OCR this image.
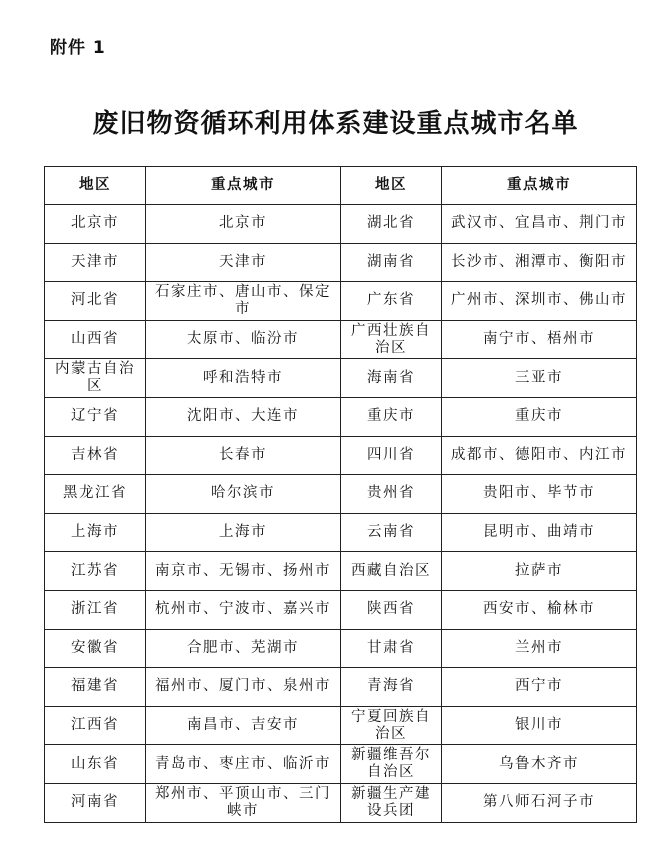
附件 1
废旧物资循环利用体系建设重点城市名单
地区	重点城市	地区	重点城市
北京市	北京市	湖北省	武汉市、宜昌市、荆门市
天津市	天津市	湖南省	长沙市、湘潭市、衡阳市
河北省	石家庄市、唐山市、保定市	广东省	广州市、深圳市、佛山市
山西省	太原市、临汾市	广西壮族自治区	南宁市、梧州市
内蒙古自治区	呼和浩特市	海南省	三亚市
辽宁省	沈阳市、大连市	重庆市	重庆市
吉林省	长春市	四川省	成都市、德阳市、内江市
黑龙江省	哈尔滨市	贵州省	贵阳市、毕节市
上海市	上海市	云南省	昆明市、曲靖市
江苏省	南京市、无锡市、扬州市	西藏自治区	拉萨市
浙江省	杭州市、宁波市、嘉兴市	陕西省	西安市、榆林市
安徽省	合肥市、芜湖市	甘肃省	兰州市
福建省	福州市、厦门市、泉州市	青海省	西宁市
江西省	南昌市、吉安市	宁夏回族自治区	银川市
山东省	青岛市、枣庄市、临沂市	新疆维吾尔自治区	乌鲁木齐市
河南省	郑州市、平顶山市、三门峡市	新疆生产建设兵团	第八师石河子市
